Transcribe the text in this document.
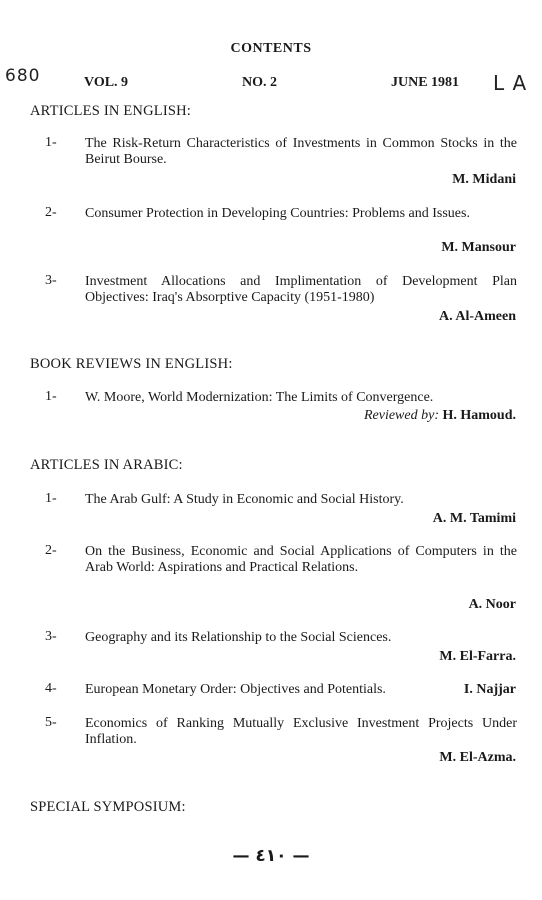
CONTENTS
680	VOL. 9	NO. 2	JUNE 1981 L A
ARTICLES IN ENGLISH:
1- The Risk-Return Characteristics of Investments in Common Stocks in the Beirut Bourse.
M. Midani
2- Consumer Protection in Developing Countries: Problems and Issues.
M. Mansour
3- Investment Allocations and Implimentation of Development Plan Objectives: Iraq's Absorptive Capacity (1951-1980)
A. Al-Ameen
BOOK REVIEWS IN ENGLISH:
1- W. Moore, World Modernization: The Limits of Convergence.
Reviewed by: H. Hamoud.
ARTICLES IN ARABIC:
1- The Arab Gulf: A Study in Economic and Social History.
A. M. Tamimi
2- On the Business, Economic and Social Applications of Computers in the Arab World: Aspirations and Practical Relations.
A. Noor
3- Geography and its Relationship to the Social Sciences.
M. El-Farra.
4- European Monetary Order: Objectives and Potentials.	I. Najjar
5- Economics of Ranking Mutually Exclusive Investment Projects Under Inflation.
M. El-Azma.
SPECIAL SYMPOSIUM:
— ٤١٠ —
